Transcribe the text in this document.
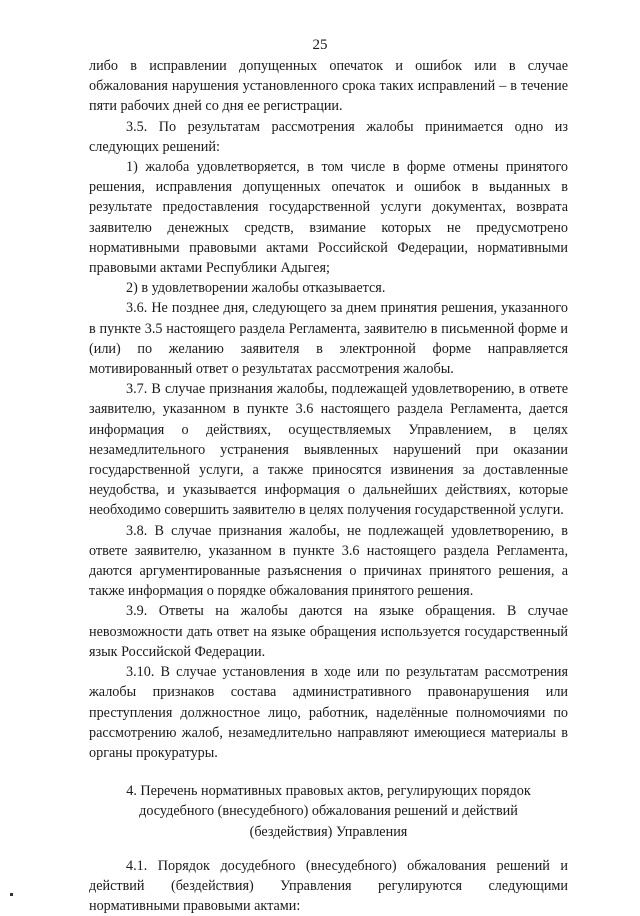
25

либо в исправлении допущенных опечаток и ошибок или в случае обжалования нарушения установленного срока таких исправлений – в течение пяти рабочих дней со дня ее регистрации.

3.5. По результатам рассмотрения жалобы принимается одно из следующих решений:

1) жалоба удовлетворяется, в том числе в форме отмены принятого решения, исправления допущенных опечаток и ошибок в выданных в результате предоставления государственной услуги документах, возврата заявителю денежных средств, взимание которых не предусмотрено нормативными правовыми актами Российской Федерации, нормативными правовыми актами Республики Адыгея;

2) в удовлетворении жалобы отказывается.

3.6. Не позднее дня, следующего за днем принятия решения, указанного в пункте 3.5 настоящего раздела Регламента, заявителю в письменной форме и (или) по желанию заявителя в электронной форме направляется мотивированный ответ о результатах рассмотрения жалобы.

3.7. В случае признания жалобы, подлежащей удовлетворению, в ответе заявителю, указанном в пункте 3.6 настоящего раздела Регламента, дается информация о действиях, осуществляемых Управлением, в целях незамедлительного устранения выявленных нарушений при оказании государственной услуги, а также приносятся извинения за доставленные неудобства, и указывается информация о дальнейших действиях, которые необходимо совершить заявителю в целях получения государственной услуги.

3.8. В случае признания жалобы, не подлежащей удовлетворению, в ответе заявителю, указанном в пункте 3.6 настоящего раздела Регламента, даются аргументированные разъяснения о причинах принятого решения, а также информация о порядке обжалования принятого решения.

3.9. Ответы на жалобы даются на языке обращения. В случае невозможности дать ответ на языке обращения используется государственный язык Российской Федерации.

3.10. В случае установления в ходе или по результатам рассмотрения жалобы признаков состава административного правонарушения или преступления должностное лицо, работник, наделённые полномочиями по рассмотрению жалоб, незамедлительно направляют имеющиеся материалы в органы прокуратуры.

4. Перечень нормативных правовых актов, регулирующих порядок досудебного (внесудебного) обжалования решений и действий (бездействия) Управления

4.1. Порядок досудебного (внесудебного) обжалования решений и действий (бездействия) Управления регулируются следующими нормативными правовыми актами:
